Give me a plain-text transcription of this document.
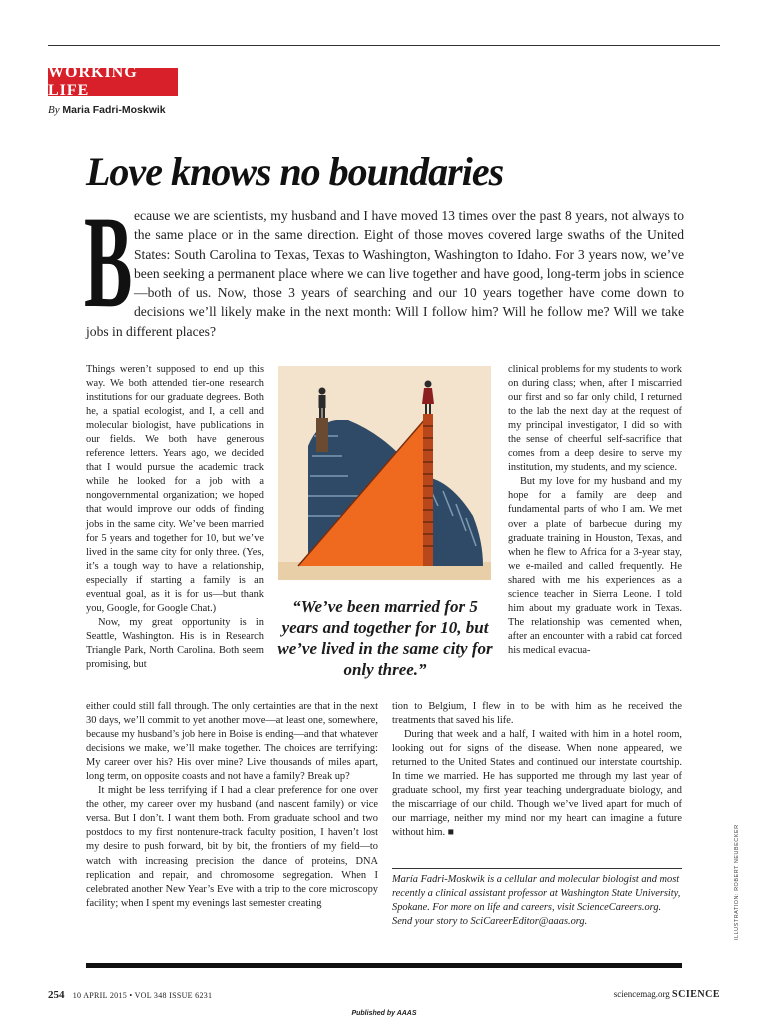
WORKING LIFE
By Maria Fadri-Moskwik
Love knows no boundaries
B ecause we are scientists, my husband and I have moved 13 times over the past 8 years, not always to the same place or in the same direction. Eight of those moves covered large swaths of the United States: South Carolina to Texas, Texas to Washington, Washington to Idaho. For 3 years now, we’ve been seeking a permanent place where we can live together and have good, long-term jobs in science—both of us. Now, those 3 years of searching and our 10 years together have come down to decisions we’ll likely make in the next month: Will I follow him? Will he follow me? Will we take jobs in different places?

Things weren’t supposed to end up this way. We both attended tier-one research institutions for our graduate degrees. Both he, a spatial ecologist, and I, a cell and molecular biologist, have publications in our fields. We both have generous reference letters. Years ago, we decided that I would pursue the academic track while he looked for a job with a nongovernmental organization; we hoped that would improve our odds of finding jobs in the same city. We’ve been married for 5 years and together for 10, but we’ve lived in the same city for only three. (Yes, it’s a tough way to have a relationship, especially if starting a family is an eventual goal, as it is for us—but thank you, Google, for Google Chat.)

Now, my great opportunity is in Seattle, Washington. His is in Research Triangle Park, North Carolina. Both seem promising, but

“We’ve been married for 5 years and together for 10, but we’ve lived in the same city for only three.”

either could still fall through. The only certainties are that in the next 30 days, we’ll commit to yet another move—at least one, somewhere, because my husband’s job here in Boise is ending—and that whatever decisions we make, we’ll make together. The choices are terrifying: My career over his? His over mine? Live thousands of miles apart, long term, on opposite coasts and not have a family? Break up?

It might be less terrifying if I had a clear preference for one over the other, my career over my husband (and nascent family) or vice versa. But I don’t. I want them both. From graduate school and two postdocs to my first nontenure-track faculty position, I haven’t lost my desire to push forward, bit by bit, the frontiers of my field—to watch with increasing precision the dance of proteins, DNA replication and repair, and chromosome segregation. When I celebrated another New Year’s Eve with a trip to the core microscopy facility; when I spent my evenings last semester creating

clinical problems for my students to work on during class; when, after I miscarried our first and so far only child, I returned to the lab the next day at the request of my principal investigator, I did so with the sense of cheerful self-sacrifice that comes from a deep desire to serve my institution, my students, and my science.

But my love for my husband and my hope for a family are deep and fundamental parts of who I am. We met over a plate of barbecue during my graduate training in Houston, Texas, and when he flew to Africa for a 3-year stay, we e-mailed and called frequently. He shared with me his experiences as a science teacher in Sierra Leone. I told him about my graduate work in Texas. The relationship was cemented when, after an encounter with a rabid cat forced his medical evacua-

tion to Belgium, I flew in to be with him as he received the treatments that saved his life.

During that week and a half, I waited with him in a hotel room, looking out for signs of the disease. When none appeared, we returned to the United States and continued our interstate courtship. In time we married. He has supported me through my last year of graduate school, my first year teaching undergraduate biology, and the miscarriage of our child. Though we’ve lived apart for much of our marriage, neither my mind nor my heart can imagine a future without him. ■

María Fadri-Moskwik is a cellular and molecular biologist and most recently a clinical assistant professor at Washington State University, Spokane. For more on life and careers, visit ScienceCareers.org. Send your story to SciCareerEditor@aaas.org.	ILLUSTRATION: ROBERT NEUBECKER
254 10 APRIL 2015 • VOL 348 ISSUE 6231	sciencemag.org SCIENCE
Published by AAAS
